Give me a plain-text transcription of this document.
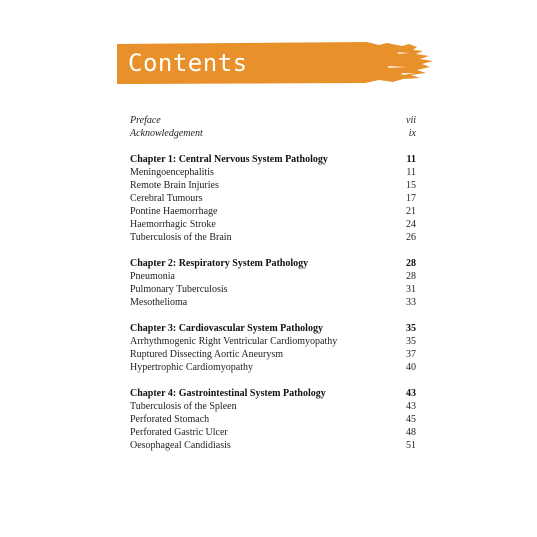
Contents
Preface	vii
Acknowledgement	ix
Chapter 1: Central Nervous System Pathology	11
Meningoencephalitis	11
Remote Brain Injuries	15
Cerebral Tumours	17
Pontine Haemorrhage	21
Haemorrhagic Stroke	24
Tuberculosis of the Brain	26
Chapter 2: Respiratory System Pathology	28
Pneumonia	28
Pulmonary Tuberculosis	31
Mesothelioma	33
Chapter 3: Cardiovascular System Pathology	35
Arrhythmogenic Right Ventricular Cardiomyopathy	35
Ruptured Dissecting Aortic Aneurysm	37
Hypertrophic Cardiomyopathy	40
Chapter 4: Gastrointestinal System Pathology	43
Tuberculosis of the Spleen	43
Perforated Stomach	45
Perforated Gastric Ulcer	48
Oesophageal Candidiasis	51
